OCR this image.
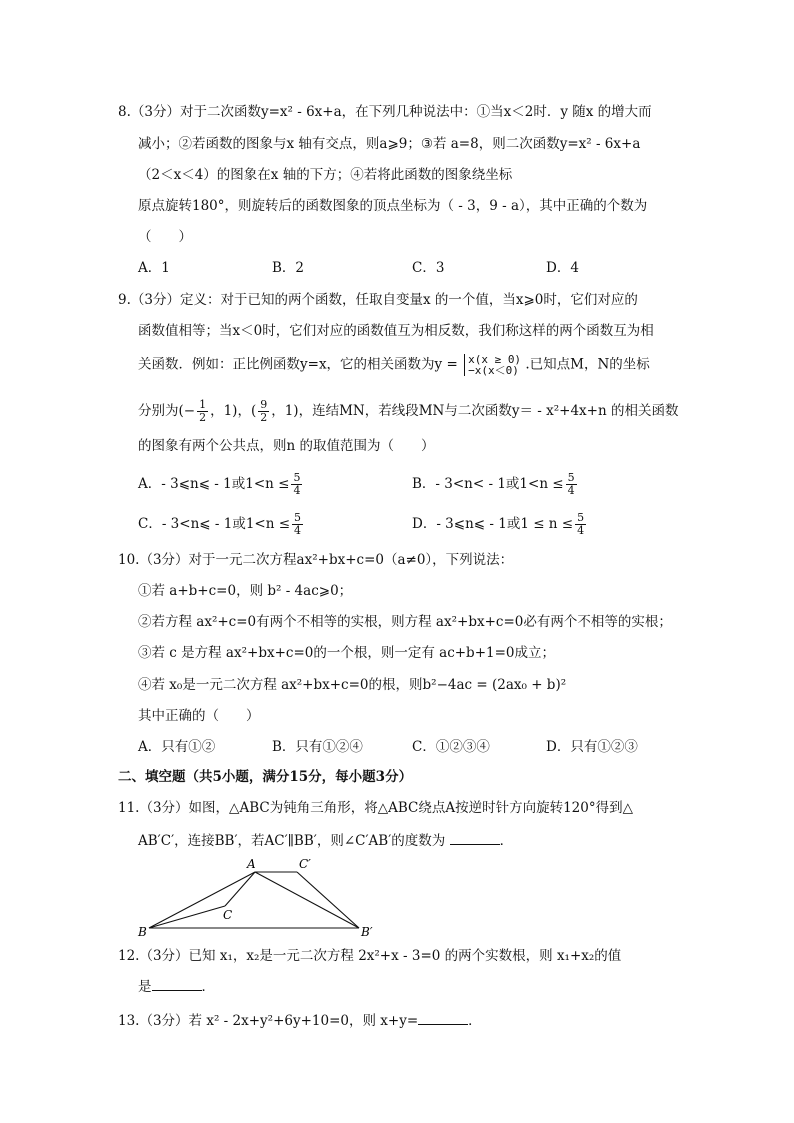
8.（3分）对于二次函数y=x² - 6x+a，在下列几种说法中：①当x＜2时．y 随x 的增大而
减小；②若函数的图象与x 轴有交点，则a⩾9；③若 a=8，则二次函数y=x² - 6x+a
（2＜x＜4）的图象在x 轴的下方；④若将此函数的图象绕坐标
原点旋转180°，则旋转后的函数图象的顶点坐标为（ - 3，9 - a），其中正确的个数为
（　　）
A．1	B．2	C．3	D．4
9.（3分）定义：对于已知的两个函数，任取自变量x 的一个值，当x⩾0时，它们对应的
函数值相等；当x＜0时，它们对应的函数值互为相反数，我们称这样的两个函数互为相
关函数．例如：正比例函数y=x，它的相关函数为y = x(x ≥ 0)
−x(x＜0) .已知点M，N的坐标
分别为(− $\frac{1}{2}$ ，1)，( $\frac{9}{2}$ ，1)，连结MN，若线段MN与二次函数y＝ - x²+4x+n 的相关函数
的图象有两个公共点，则n 的取值范围为（　　）
A．- 3⩽n⩽ - 1或$1<n \le \frac{5}{4}$	B．- 3<n< - 1或$1<n \le \frac{5}{4}$
C．- 3<n⩽ - 1或$1<n \le \frac{5}{4}$	D．- 3⩽n⩽ - 1或$1 \le n \le \frac{5}{4}$
10.（3分）对于一元二次方程ax²+bx+c=0（a≠0），下列说法：
①若 a+b+c=0，则 b² - 4ac⩾0；
②若方程 ax²+c=0有两个不相等的实根，则方程 ax²+bx+c=0必有两个不相等的实根；
③若 c 是方程 ax²+bx+c=0的一个根，则一定有 ac+b+1=0成立；
④若 x₀是一元二次方程 ax²+bx+c=0的根，则b²−4ac = (2ax₀ + b)²
其中正确的（　　）
A．只有①②	B．只有①②④	C．①②③④	D．只有①②③
二、填空题（共5小题，满分15分，每小题3分）
11.（3分）如图，△ABC为钝角三角形，将△ABC绕点A按逆时针方向旋转120°得到△
AB′C′，连接BB′，若AC′∥BB′，则∠C′AB′的度数为	．
A
B
C
C′
B′
12.（3分）已知 x₁，x₂是一元二次方程 2x²+x - 3=0 的两个实数根，则 x₁+x₂的值
是	．
13.（3分）若 x² - 2x+y²+6y+10=0，则 x+y=	．
